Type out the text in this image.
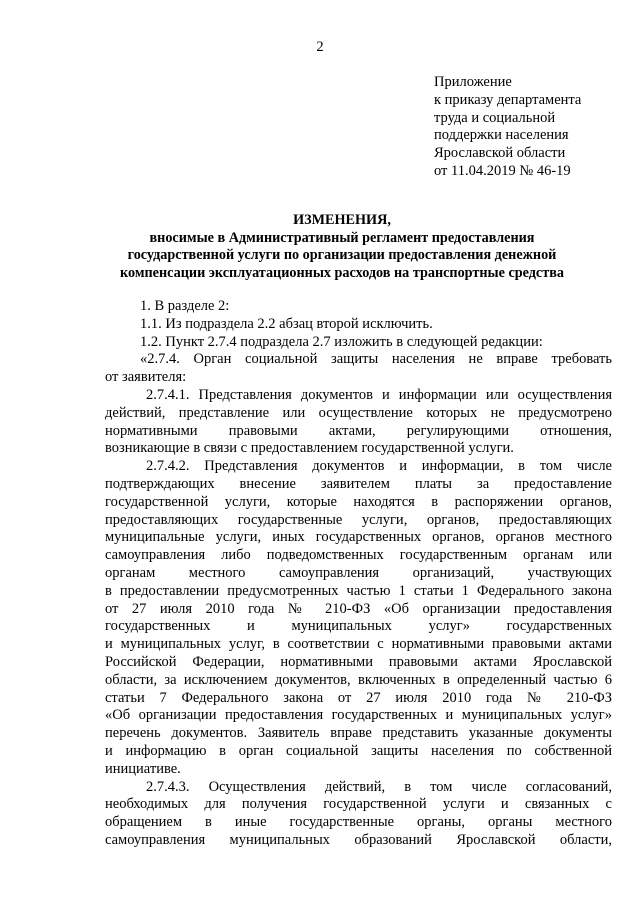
2
Приложение
к приказу департамента
труда и социальной
поддержки населения
Ярославской области
от 11.04.2019 № 46-19
ИЗМЕНЕНИЯ,
вносимые в Административный регламент предоставления
государственной услуги по организации предоставления денежной
компенсации эксплуатационных расходов на транспортные средства
1. В разделе 2:
1.1. Из подраздела 2.2 абзац второй исключить.
1.2. Пункт 2.7.4 подраздела 2.7 изложить в следующей редакции:
«2.7.4. Орган социальной защиты населения не вправе требовать
от заявителя:
2.7.4.1. Представления документов и информации или осуществления
действий, представление или осуществление которых не предусмотрено
нормативными правовыми актами, регулирующими отношения,
возникающие в связи с предоставлением государственной услуги.
2.7.4.2. Представления документов и информации, в том числе
подтверждающих внесение заявителем платы за предоставление
государственной услуги, которые находятся в распоряжении органов,
предоставляющих государственные услуги, органов, предоставляющих
муниципальные услуги, иных государственных органов, органов местного
самоуправления либо подведомственных государственным органам или
органам местного самоуправления организаций, участвующих
в предоставлении предусмотренных частью 1 статьи 1 Федерального закона
от 27 июля 2010 года № 210-ФЗ «Об организации предоставления
государственных и муниципальных услуг» государственных
и муниципальных услуг, в соответствии с нормативными правовыми актами
Российской Федерации, нормативными правовыми актами Ярославской
области, за исключением документов, включенных в определенный частью 6
статьи 7 Федерального закона от 27 июля 2010 года № 210-ФЗ
«Об организации предоставления государственных и муниципальных услуг»
перечень документов. Заявитель вправе представить указанные документы
и информацию в орган социальной защиты населения по собственной
инициативе.
2.7.4.3. Осуществления действий, в том числе согласований,
необходимых для получения государственной услуги и связанных с
обращением в иные государственные органы, органы местного
самоуправления муниципальных образований Ярославской области,
